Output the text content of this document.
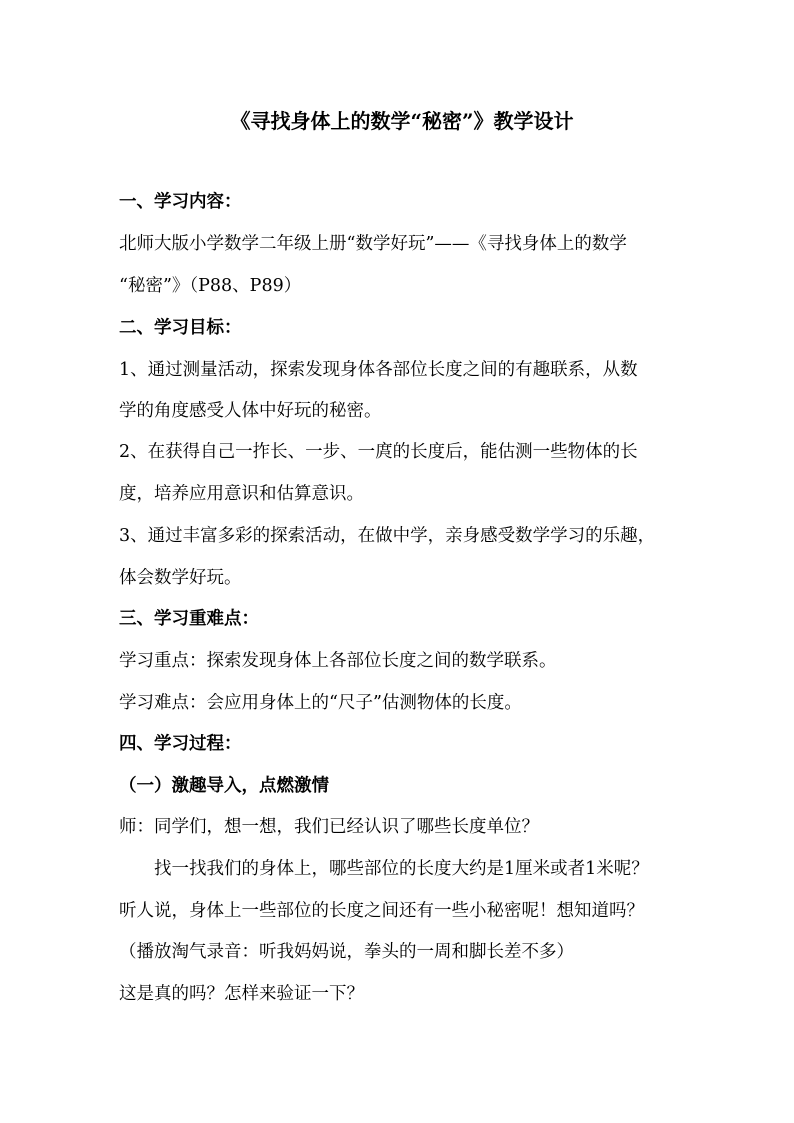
《寻找身体上的数学“秘密”》教学设计
一、学习内容：
北师大版小学数学二年级上册“数学好玩”——《寻找身体上的数学
“秘密”》（P88、P89）
二、学习目标：
1、通过测量活动，探索发现身体各部位长度之间的有趣联系，从数
学的角度感受人体中好玩的秘密。
2、在获得自己一拃长、一步、一庹的长度后，能估测一些物体的长
度，培养应用意识和估算意识。
3、通过丰富多彩的探索活动，在做中学，亲身感受数学学习的乐趣，
体会数学好玩。
三、学习重难点：
学习重点：探索发现身体上各部位长度之间的数学联系。
学习难点：会应用身体上的“尺子”估测物体的长度。
四、学习过程：
（一）激趣导入，点燃激情
师：同学们，想一想，我们已经认识了哪些长度单位？
找一找我们的身体上，哪些部位的长度大约是1厘米或者1米呢？
听人说，身体上一些部位的长度之间还有一些小秘密呢！想知道吗？
（播放淘气录音：听我妈妈说，拳头的一周和脚长差不多）
这是真的吗？怎样来验证一下？
